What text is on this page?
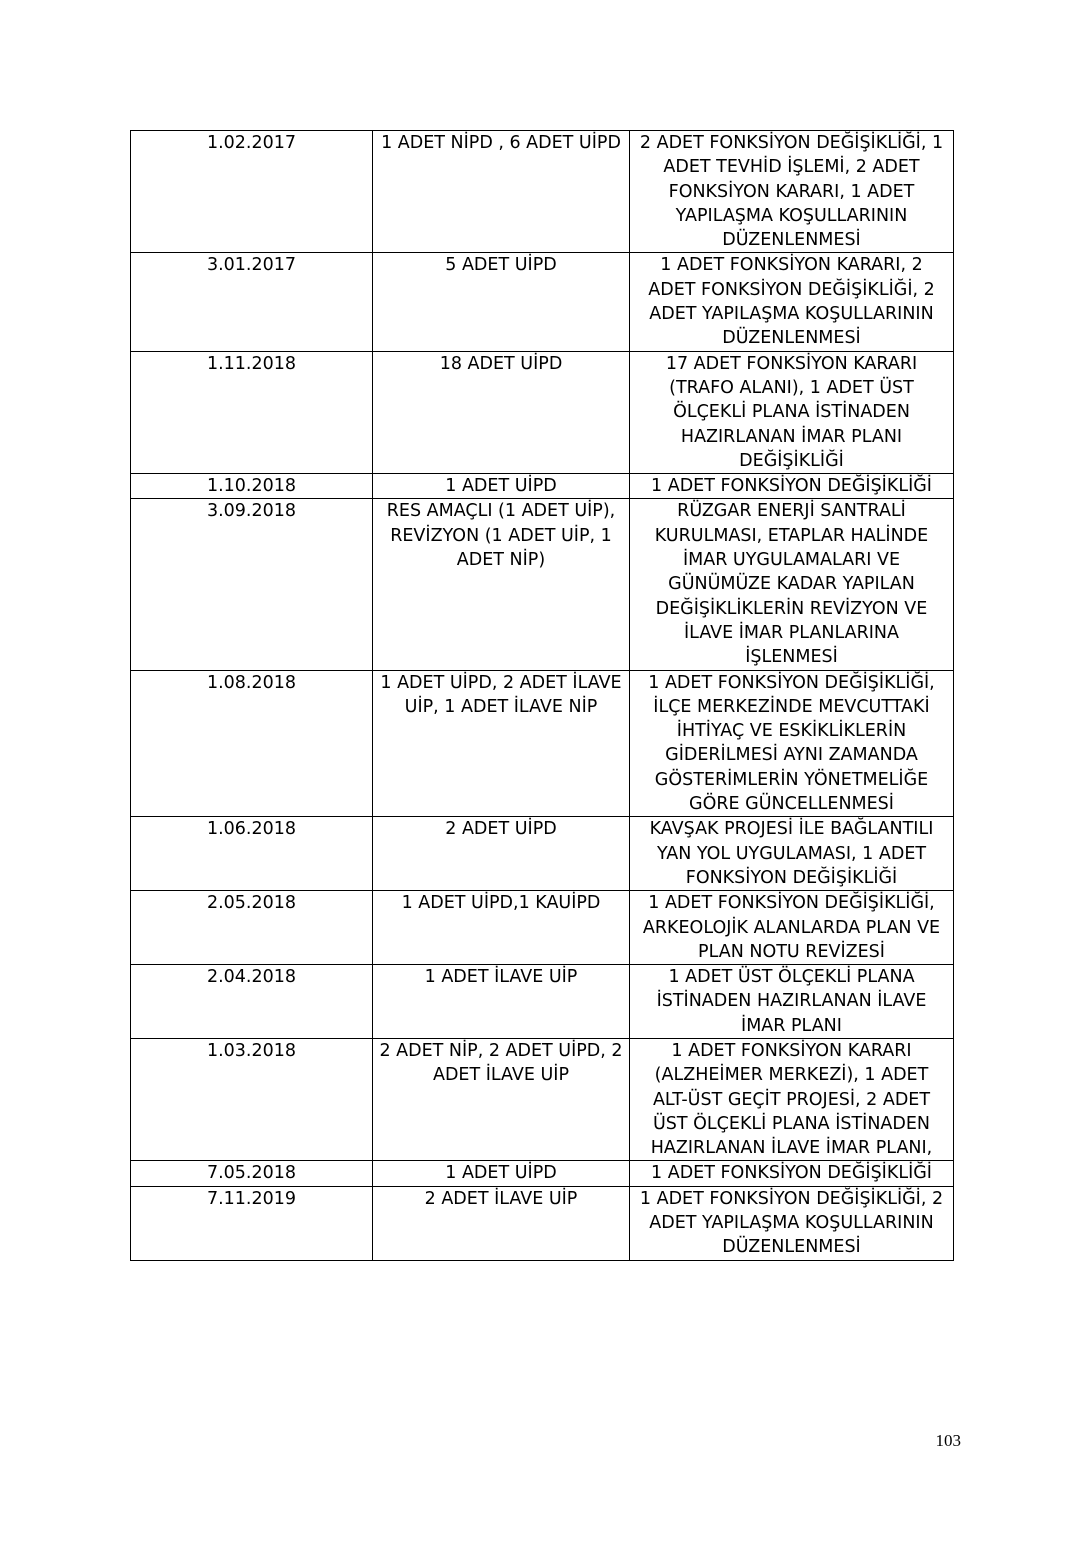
1.02.2017	1 ADET NİPD , 6 ADET UİPD	2 ADET FONKSİYON DEĞİŞİKLİĞİ, 1 ADET TEVHİD İŞLEMİ, 2 ADET FONKSİYON KARARI, 1 ADET YAPILAŞMA KOŞULLARININ DÜZENLENMESİ
3.01.2017	5 ADET UİPD	1 ADET FONKSİYON KARARI, 2 ADET FONKSİYON DEĞİŞİKLİĞİ, 2 ADET YAPILAŞMA KOŞULLARININ DÜZENLENMESİ
1.11.2018	18 ADET UİPD	17 ADET FONKSİYON KARARI (TRAFO ALANI), 1 ADET ÜST ÖLÇEKLİ PLANA İSTİNADEN HAZIRLANAN İMAR PLANI DEĞİŞİKLİĞİ
1.10.2018	1 ADET UİPD	1 ADET FONKSİYON DEĞİŞİKLİĞİ
3.09.2018	RES AMAÇLI (1 ADET UİP), REVİZYON (1 ADET UİP, 1 ADET NİP)	RÜZGAR ENERJİ SANTRALİ KURULMASI, ETAPLAR HALİNDE İMAR UYGULAMALARI VE GÜNÜMÜZE KADAR YAPILAN DEĞİŞİKLİKLERİN REVİZYON VE İLAVE İMAR PLANLARINA İŞLENMESİ
1.08.2018	1 ADET UİPD, 2 ADET İLAVE UİP, 1 ADET İLAVE NİP	1 ADET FONKSİYON DEĞİŞİKLİĞİ, İLÇE MERKEZİNDE MEVCUTTAKİ İHTİYAÇ VE ESKİKLİKLERİN GİDERİLMESİ AYNI ZAMANDA GÖSTERİMLERİN YÖNETMELİĞE GÖRE GÜNCELLENMESİ
1.06.2018	2 ADET UİPD	KAVŞAK PROJESİ İLE BAĞLANTILI YAN YOL UYGULAMASI, 1 ADET FONKSİYON DEĞİŞİKLİĞİ
2.05.2018	1 ADET UİPD,1 KAUİPD	1 ADET FONKSİYON DEĞİŞİKLİĞİ, ARKEOLOJİK ALANLARDA PLAN VE PLAN NOTU REVİZESİ
2.04.2018	1 ADET İLAVE UİP	1 ADET ÜST ÖLÇEKLİ PLANA İSTİNADEN HAZIRLANAN İLAVE İMAR PLANI
1.03.2018	2 ADET NİP, 2 ADET UİPD, 2 ADET İLAVE UİP	1 ADET FONKSİYON KARARI (ALZHEİMER MERKEZİ), 1 ADET ALT-ÜST GEÇİT PROJESİ, 2 ADET ÜST ÖLÇEKLİ PLANA İSTİNADEN HAZIRLANAN İLAVE İMAR PLANI,
7.05.2018	1 ADET UİPD	1 ADET FONKSİYON DEĞİŞİKLİĞİ
7.11.2019	2 ADET İLAVE UİP	1 ADET FONKSİYON DEĞİŞİKLİĞİ, 2 ADET YAPILAŞMA KOŞULLARININ DÜZENLENMESİ
103
